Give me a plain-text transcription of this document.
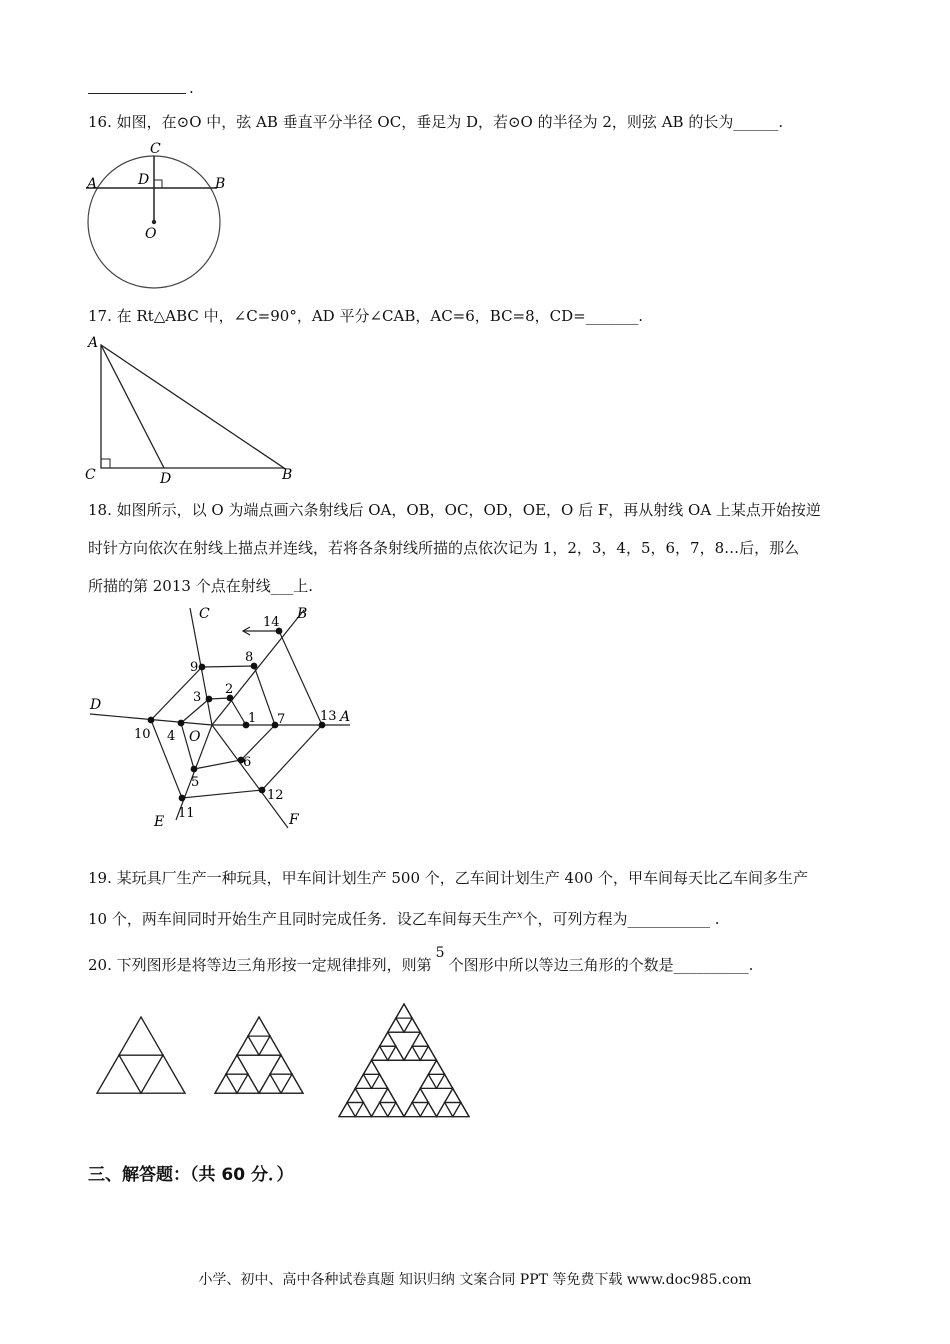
.
16. 如图，在⊙O 中，弦 AB 垂直平分半径 OC，垂足为 D，若⊙O 的半径为 2，则弦 AB 的长为______.
C
A	B
D
O
17. 在 Rt△ABC 中，∠C=90°，AD 平分∠CAB，AC=6，BC=8，CD=_______.
A
C	D	B
18. 如图所示，以 O 为端点画六条射线后 OA，OB，OC，OD，OE，O 后 F，再从射线 OA 上某点开始按逆
时针方向依次在射线上描点并连线，若将各条射线所描的点依次记为 1，2，3，4，5，6，7，8…后，那么
所描的第 2013 个点在射线___上.
1
2
3
4
5
6
7
8
9
10
11
12
13
14
A
B
C
D
E	F
O
19. 某玩具厂生产一种玩具，甲车间计划生产 500 个，乙车间计划生产 400 个，甲车间每天比乙车间多生产
10 个，两车间同时开始生产且同时完成任务．设乙车间每天生产$^x$个，可列方程为___________ .
20. 下列图形是将等边三角形按一定规律排列，则第5个图形中所以等边三角形的个数是__________.
三、解答题：（共 60 分．）
小学、初中、高中各种试卷真题 知识归纳 文案合同 PPT 等免费下载 www.doc985.com
